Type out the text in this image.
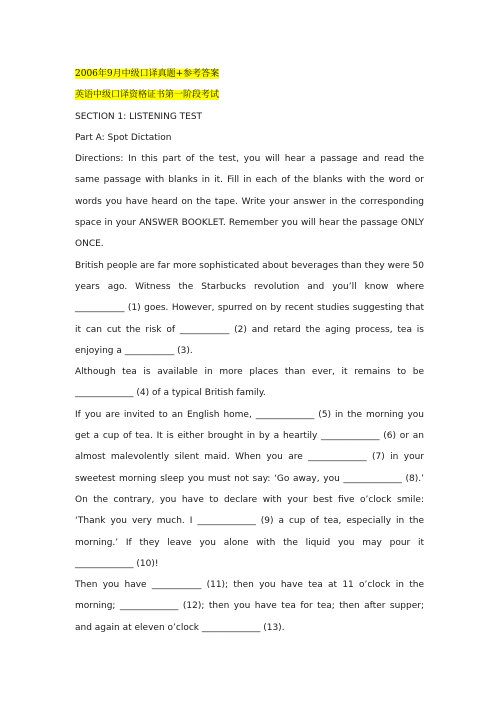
2006年9月中级口译真题+参考答案
英语中级口译资格证书第一阶段考试

SECTION 1: LISTENING TEST

Part A: Spot Dictation

Directions: In this part of the test, you will hear a passage and read the same passage with blanks in it. Fill in each of the blanks with the word or words you have heard on the tape. Write your answer in the corresponding space in your ANSWER BOOKLET. Remember you will hear the passage ONLY ONCE.

British people are far more sophisticated about beverages than they were 50 years ago. Witness the Starbucks revolution and you’ll know where ___________ (1) goes. However, spurred on by recent studies suggesting that it can cut the risk of ___________ (2) and retard the aging process, tea is enjoying a ___________ (3).

Although tea is available in more places than ever, it remains to be _____________ (4) of a typical British family.

If you are invited to an English home, _____________ (5) in the morning you get a cup of tea. It is either brought in by a heartily _____________ (6) or an almost malevolently silent maid. When you are _____________ (7) in your sweetest morning sleep you must not say: ‘Go away, you _____________ (8).’ On the contrary, you have to declare with your best five o’clock smile: ‘Thank you very much. I _____________ (9) a cup of tea, especially in the morning.’ If they leave you alone with the liquid you may pour it _____________ (10)!

Then you have ___________ (11); then you have tea at 11 o’clock in the morning; _____________ (12); then you have tea for tea; then after supper; and again at eleven o’clock _____________ (13).
